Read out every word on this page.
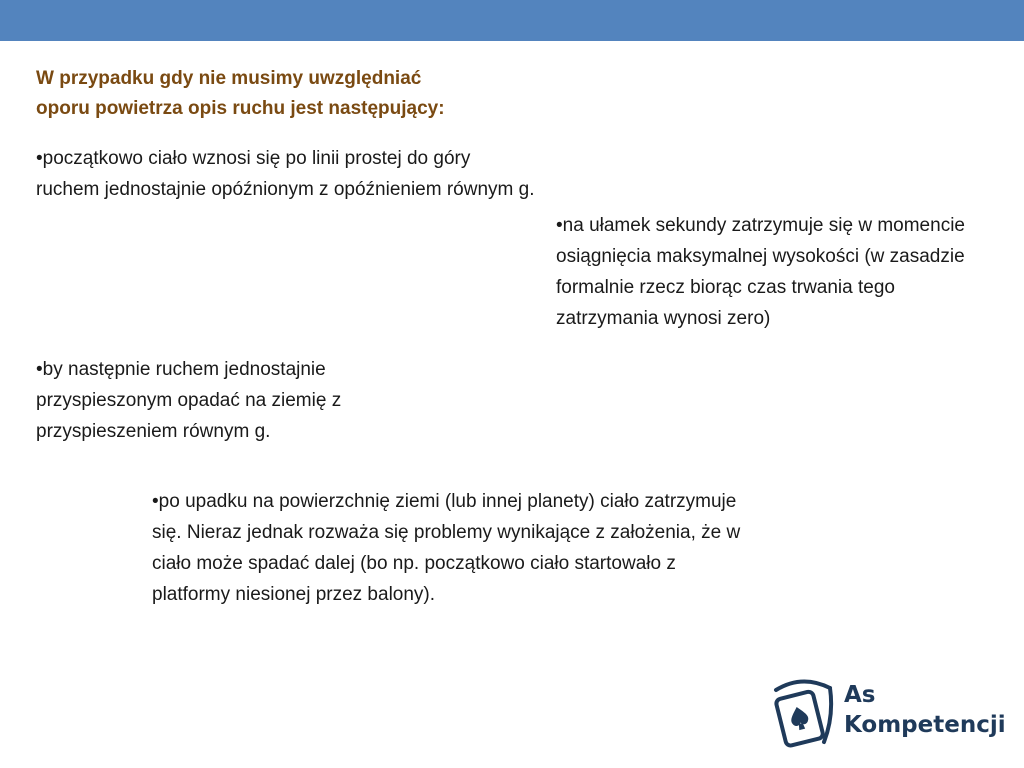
W przypadku gdy nie musimy uwzględniać
oporu powietrza opis ruchu jest następujący:

•początkowo ciało wznosi się po linii prostej do góry ruchem jednostajnie opóźnionym z opóźnieniem równym g.

•na ułamek sekundy zatrzymuje się w momencie osiągnięcia maksymalnej wysokości (w zasadzie formalnie rzecz biorąc czas trwania tego zatrzymania wynosi zero)

•by następnie ruchem jednostajnie przyspieszonym opadać na ziemię z przyspieszeniem równym g.

•po upadku na powierzchnię ziemi (lub innej planety) ciało zatrzymuje się. Nieraz jednak rozważa się problemy wynikające z założenia, że w ciało może spadać dalej (bo np. początkowo ciało startowało z platformy niesionej przez balony).

As
Kompetencji
